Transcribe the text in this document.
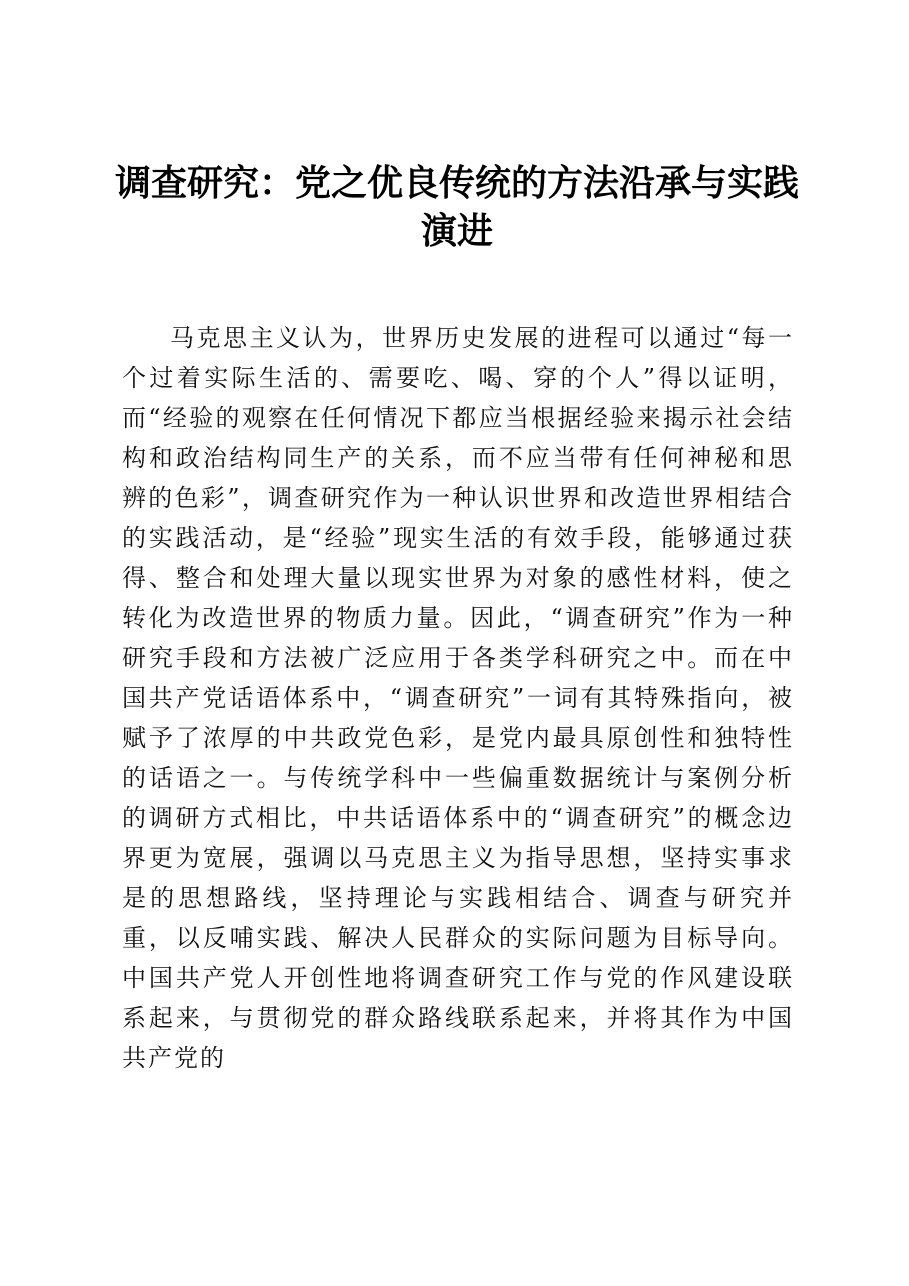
调查研究：党之优良传统的方法沿承与实践演进

马克思主义认为，世界历史发展的进程可以通过“每一个过着实际生活的、需要吃、喝、穿的个人”得以证明，而“经验的观察在任何情况下都应当根据经验来揭示社会结构和政治结构同生产的关系，而不应当带有任何神秘和思辨的色彩”，调查研究作为一种认识世界和改造世界相结合的实践活动，是“经验”现实生活的有效手段，能够通过获得、整合和处理大量以现实世界为对象的感性材料，使之转化为改造世界的物质力量。因此，“调查研究”作为一种研究手段和方法被广泛应用于各类学科研究之中。而在中国共产党话语体系中，“调查研究”一词有其特殊指向，被赋予了浓厚的中共政党色彩，是党内最具原创性和独特性的话语之一。与传统学科中一些偏重数据统计与案例分析的调研方式相比，中共话语体系中的“调查研究”的概念边界更为宽展，强调以马克思主义为指导思想，坚持实事求是的思想路线，坚持理论与实践相结合、调查与研究并重，以反哺实践、解决人民群众的实际问题为目标导向。中国共产党人开创性地将调查研究工作与党的作风建设联系起来，与贯彻党的群众路线联系起来，并将其作为中国共产党的
